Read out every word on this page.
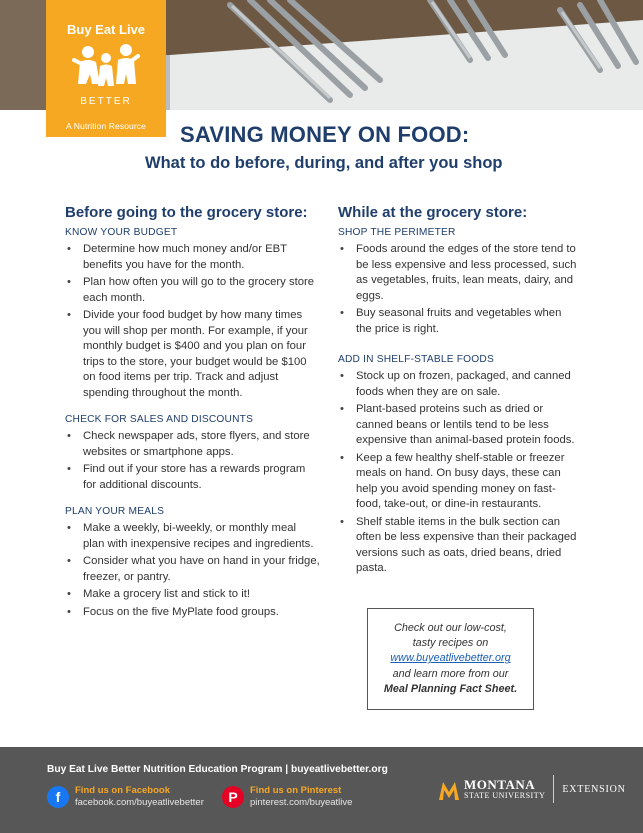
Buy Eat Live
BETTER
A Nutrition Resource	SAVING MONEY ON FOOD:
What to do before, during, and after you shop
Before going to the grocery store:
KNOW YOUR BUDGET
• Determine how much money and/or EBT benefits you have for the month.
• Plan how often you will go to the grocery store each month.
• Divide your food budget by how many times you will shop per month. For example, if your monthly budget is $400 and you plan on four trips to the store, your budget would be $100 on food items per trip. Track and adjust spending throughout the month.
CHECK FOR SALES AND DISCOUNTS
• Check newspaper ads, store flyers, and store websites or smartphone apps.
• Find out if your store has a rewards program for additional discounts.
PLAN YOUR MEALS
• Make a weekly, bi-weekly, or monthly meal plan with inexpensive recipes and ingredients.
• Consider what you have on hand in your fridge, freezer, or pantry.
• Make a grocery list and stick to it!
• Focus on the five MyPlate food groups.
While at the grocery store:
SHOP THE PERIMETER
• Foods around the edges of the store tend to be less expensive and less processed, such as vegetables, fruits, lean meats, dairy, and eggs.
• Buy seasonal fruits and vegetables when the price is right.
ADD IN SHELF-STABLE FOODS
• Stock up on frozen, packaged, and canned foods when they are on sale.
• Plant-based proteins such as dried or canned beans or lentils tend to be less expensive than animal-based protein foods.
• Keep a few healthy shelf-stable or freezer meals on hand. On busy days, these can help you avoid spending money on fast-food, take-out, or dine-in restaurants.
• Shelf stable items in the bulk section can often be less expensive than their packaged versions such as oats, dried beans, dried pasta.
Check out our low-cost,
tasty recipes on
www.buyeatlivebetter.org
and learn more from our
Meal Planning Fact Sheet.
Buy Eat Live Better Nutrition Education Program | buyeatlivebetter.org
f	Find us on Facebook
facebook.com/buyeatlivebetter	P	Find us on Pinterest
pinterest.com/buyeatlive
MONTANA
STATE UNIVERSITY
EXTENSION
